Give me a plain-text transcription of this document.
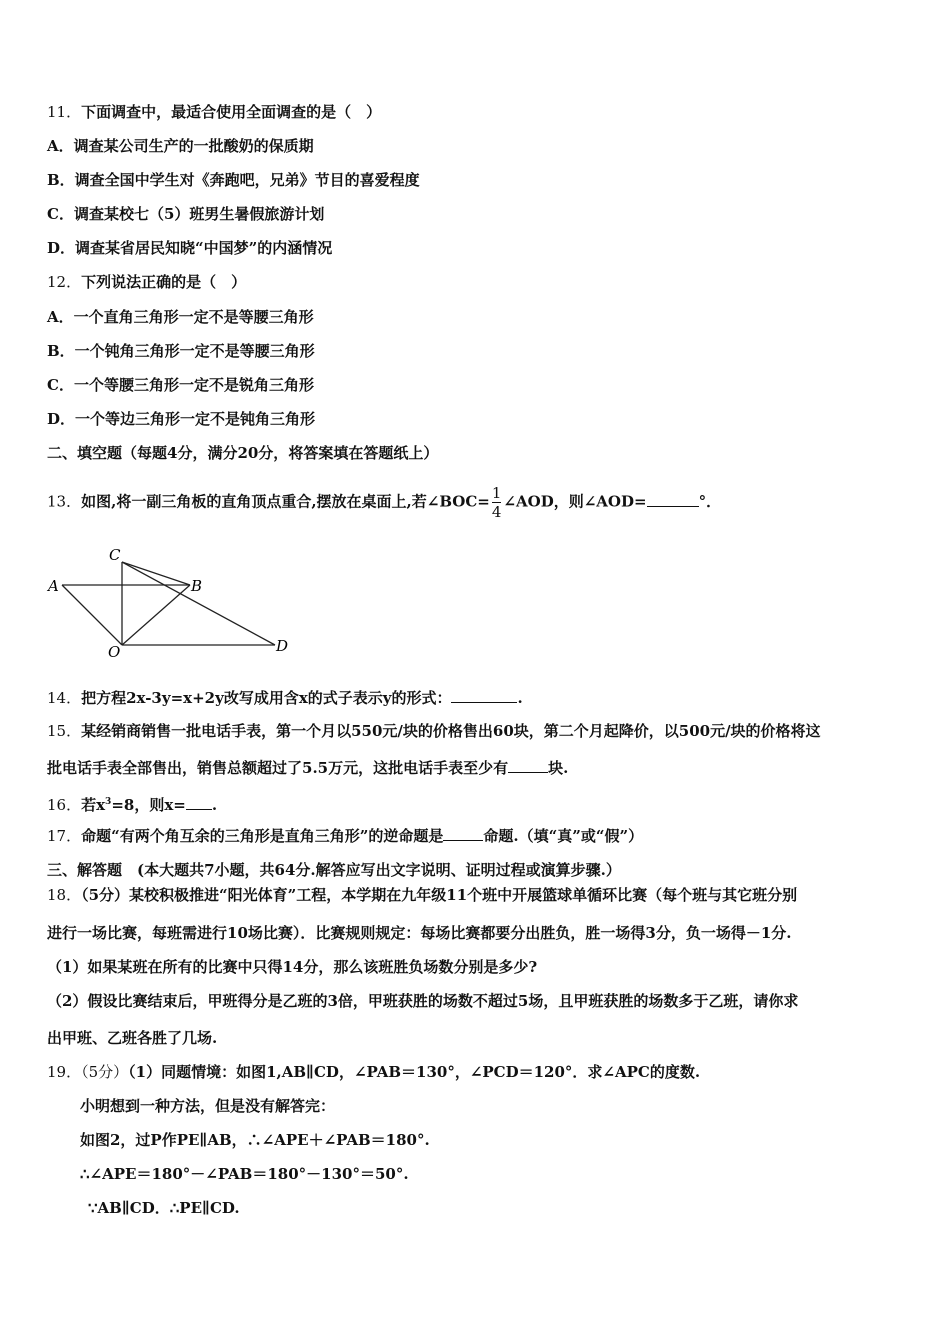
11．下面调查中，最适合使用全面调查的是（　）
A．调查某公司生产的一批酸奶的保质期
B．调查全国中学生对《奔跑吧，兄弟》节目的喜爱程度
C．调查某校七（5）班男生暑假旅游计划
D．调查某省居民知晓“中国梦”的内涵情况
12．下列说法正确的是（　）
A．一个直角三角形一定不是等腰三角形
B．一个钝角三角形一定不是等腰三角形
C．一个等腰三角形一定不是锐角三角形
D．一个等边三角形一定不是钝角三角形
二、填空题（每题4分，满分20分，将答案填在答题纸上）
13．如图,将一副三角板的直角顶点重合,摆放在桌面上,若∠BOC= $\frac{1}{4}$ ∠AOD，则∠AOD=	°．
A	B
C
O	D
14．把方程2x-3y=x+2y改写成用含x的式子表示y的形式：	.
15．某经销商销售一批电话手表，第一个月以550元/块的价格售出60块，第二个月起降价，以500元/块的价格将这
批电话手表全部售出，销售总额超过了5.5万元，这批电话手表至少有	块.
16．若$x^3=8$，则x= .
17．命题“有两个角互余的三角形是直角三角形”的逆命题是	命题.（填“真”或“假”）
三、解答题　(本大题共7小题，共64分.解答应写出文字说明、证明过程或演算步骤.）
18．（5分）某校积极推进“阳光体育”工程，本学期在九年级11个班中开展篮球单循环比赛（每个班与其它班分别
进行一场比赛，每班需进行10场比赛）．比赛规则规定：每场比赛都要分出胜负，胜一场得3分，负一场得－1分.
（1）如果某班在所有的比赛中只得14分，那么该班胜负场数分别是多少?
（2）假设比赛结束后，甲班得分是乙班的3倍，甲班获胜的场数不超过5场，且甲班获胜的场数多于乙班，请你求
出甲班、乙班各胜了几场.
19．（5分）（1）同题情境：如图1,AB∥CD，∠PAB＝130°，∠PCD＝120°．求∠APC的度数.
小明想到一种方法，但是没有解答完：
如图2，过P作PE∥AB，∴∠APE＋∠PAB＝180°.
∴∠APE＝180°－∠PAB＝180°－130°＝50°.
∵AB∥CD．∴PE∥CD.
